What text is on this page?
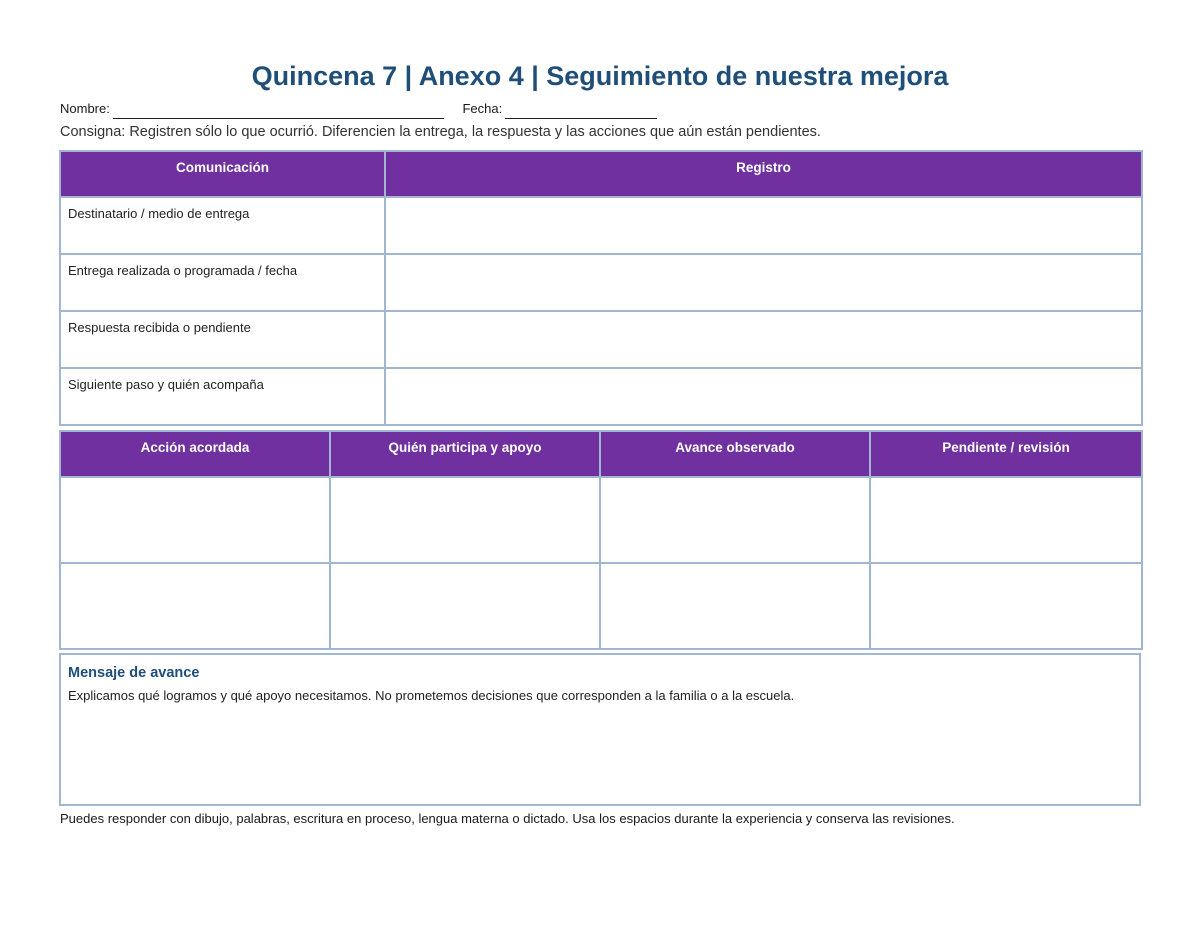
Quincena 7 | Anexo 4 | Seguimiento de nuestra mejora
Nombre:	Fecha:
Consigna: Registren sólo lo que ocurrió. Diferencien la entrega, la respuesta y las acciones que aún están pendientes.
Comunicación	Registro
Destinatario / medio de entrega	
Entrega realizada o programada / fecha	
Respuesta recibida o pendiente	
Siguiente paso y quién acompaña	
Acción acordada	Quién participa y apoyo	Avance observado	Pendiente / revisión

Mensaje de avance

Explicamos qué logramos y qué apoyo necesitamos. No prometemos decisiones que corresponden a la familia o a la escuela.

Puedes responder con dibujo, palabras, escritura en proceso, lengua materna o dictado. Usa los espacios durante la experiencia y conserva las revisiones.
